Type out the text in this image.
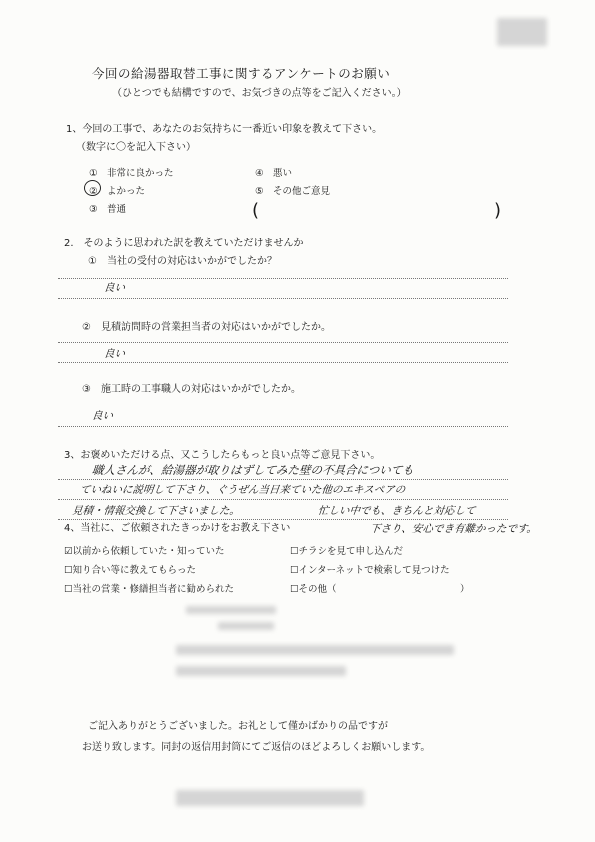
今回の給湯器取替工事に関するアンケートのお願い
（ひとつでも結構ですので、お気づきの点等をご記入ください。）
1、今回の工事で、あなたのお気持ちに一番近い印象を教えて下さい。
（数字に〇を記入下さい）
①　非常に良かった
②　よかった
③　普通
④　悪い
⑤　その他ご意見
(	)
2.　そのように思われた訳を教えていただけませんか
①　当社の受付の対応はいかがでしたか？
良い
②　見積訪問時の営業担当者の対応はいかがでしたか。
良い
③　施工時の工事職人の対応はいかがでしたか。
良い
3、お褒めいただける点、又こうしたらもっと良い点等ご意見下さい。
職人さんが、給湯器が取りはずしてみた壁の不具合についても
ていねいに説明して下さり、ぐうぜん当日来ていた他のエキスペアの
見積・情報交換して下さいました。	忙しい中でも、きちんと対応して
4、当社に、ご依頼されたきっかけをお教え下さい	下さり、安心でき有難かったです。
☑以前から依頼していた・知っていた	☐チラシを見て申し込んだ
☐知り合い等に教えてもらった	☐インターネットで検索して見つけた
☐当社の営業・修繕担当者に勧められた	☐その他（　　　　　　　　　　　　　）
ご記入ありがとうございました。お礼として僅かばかりの品ですが
お送り致します。同封の返信用封筒にてご返信のほどよろしくお願いします。
